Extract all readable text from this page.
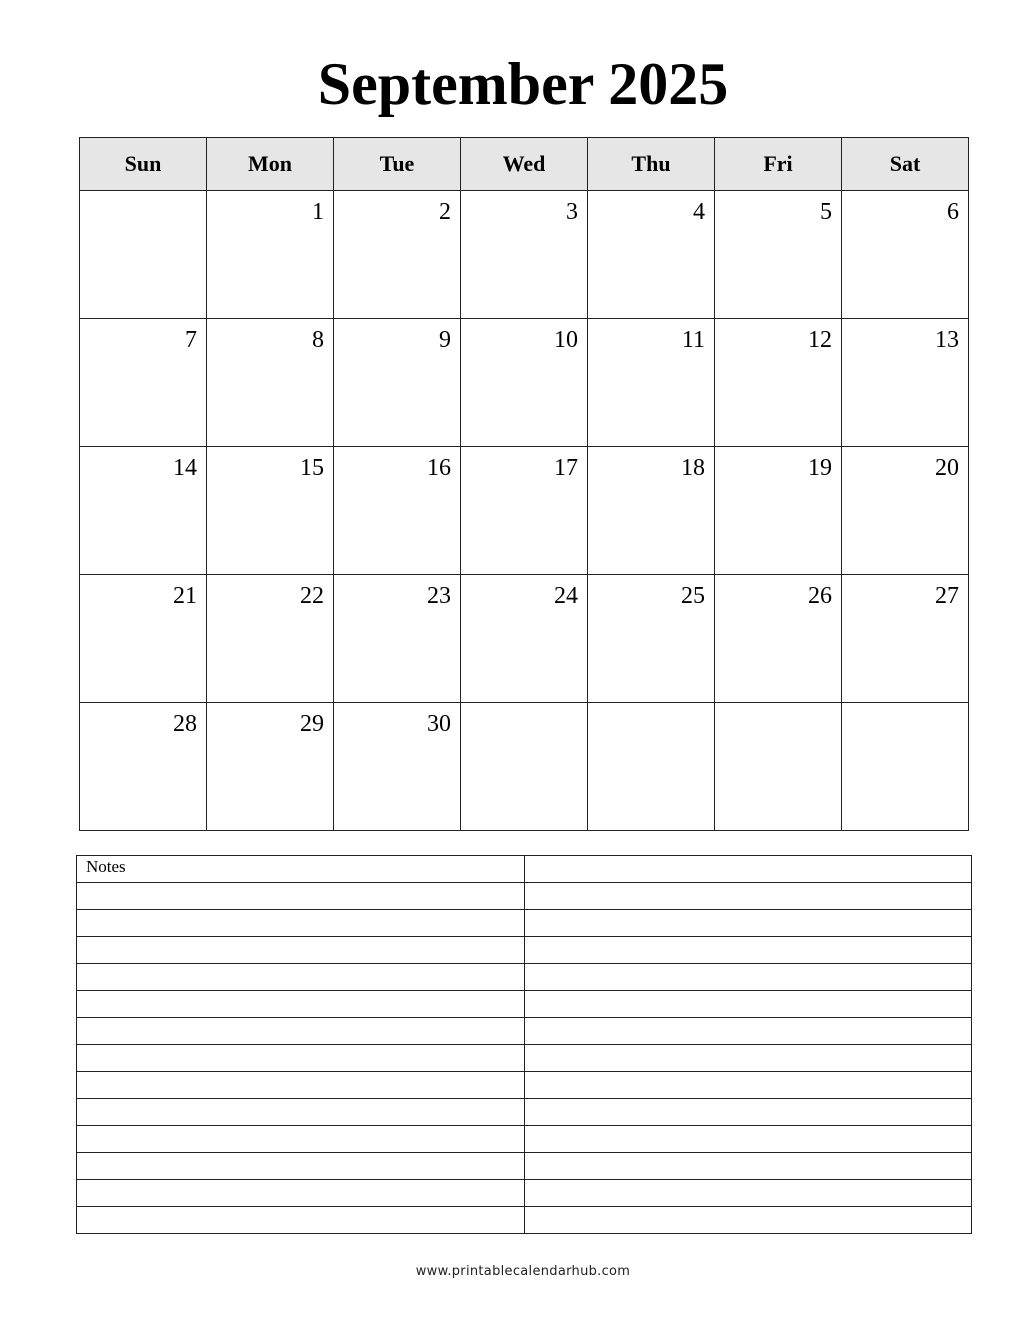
September 2025
Sun	Mon	Tue	Wed	Thu	Fri	Sat

	1	2	3	4	5	6

7	8	9	10	11	12	13

14	15	16	17	18	19	20

21	22	23	24	25	26	27

28	29	30				

Notes	

www.printablecalendarhub.com
